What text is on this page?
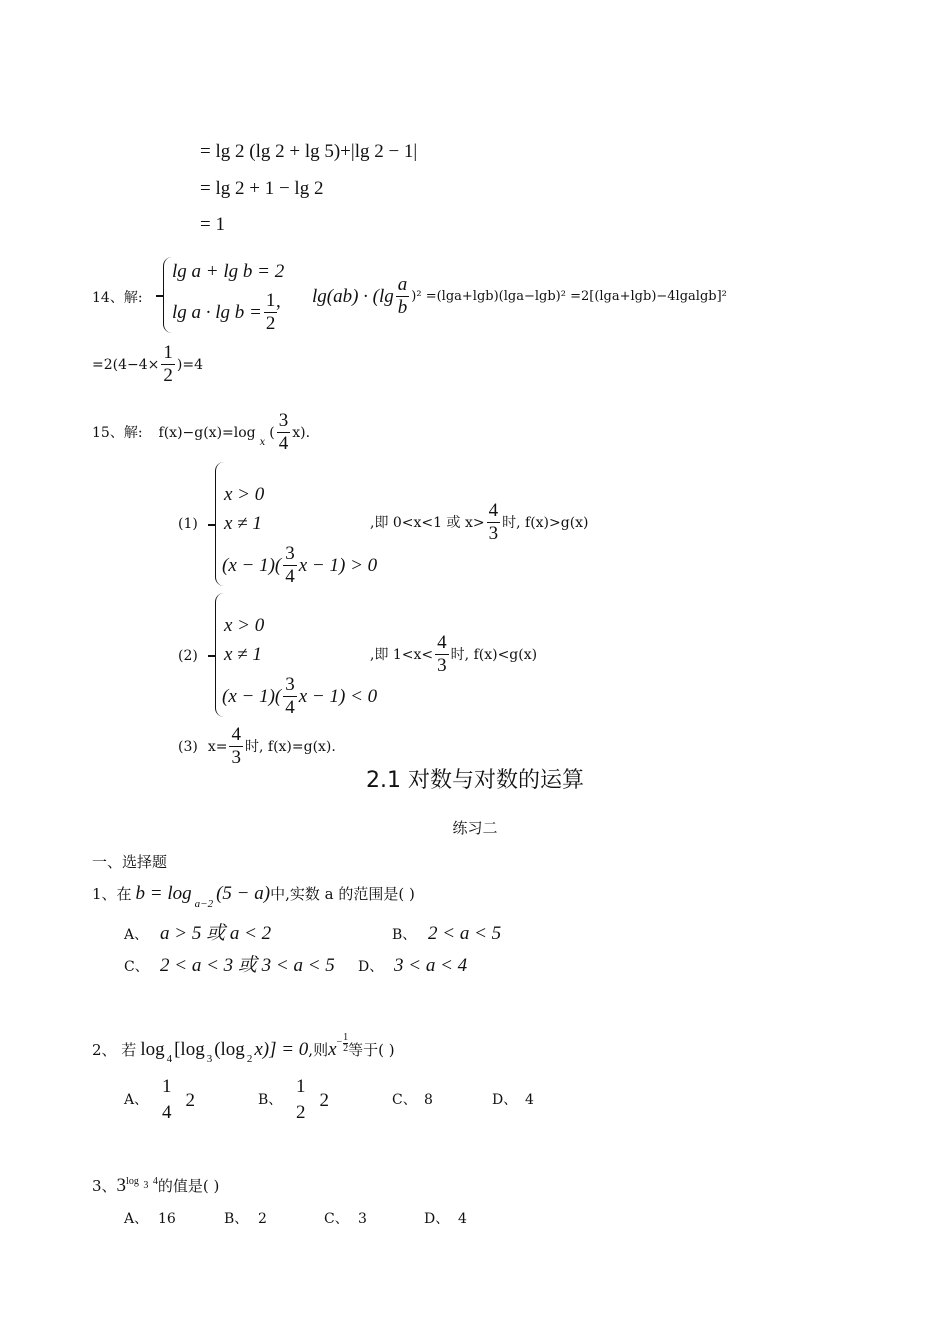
= lg 2 (lg 2 + lg 5)+|lg 2 − 1|
= lg 2 + 1 − lg 2
= 1
14、解:
lg a + lg b = 2
$\lg a \cdot \lg b = \frac{1}{2}$
, $\lg(ab) \cdot (\lg \frac{a}{b} )^2 =(\lg a+\lg b)(\lg a-\lg b)^2 =2[(\lg a+\lg b)-4lgalgb]^2$
$=2(4-4\times \frac{1}{2} )=4$
15、解: f(x)−g(x)=log
$_x$
( $\frac{3}{4} x$).
(1)
x > 0
x ≠ 1
$(x - 1)( \frac{3}{4}$ x − 1) > 0
,即 0<x<1 或 $x> \frac{4}{3}$ 时, f(x)>g(x)
(2)
x > 0
x ≠ 1
$(x - 1)( \frac{3}{4}$ x − 1) < 0
,即 $1<x< \frac{4}{3}$ 时, f(x)<g(x)
(3) $x= \frac{4}{3}$ 时, f(x)=g(x).
2.1 对数与对数的运算
练习二
一、选择题
1、在 b = log $_{a-2}$ (5 − a) 中,实数 a 的范围是( )
A、 a > 5 或 a < 2	B、 2 < a < 5
C、 2 < a < 3 或 3 < a < 5 D、 3 < a < 4
2、 若 $\log_4 [\log_3$ ($\log_2$ x)] = 0 ,则 x − 1
2 等于( )
A、
1
4
2	B、
1
2
2	C、 8	D、 4
3、 3 log 3 4 的值是( )
A、 16	B、 2	C、 3	D、 4
